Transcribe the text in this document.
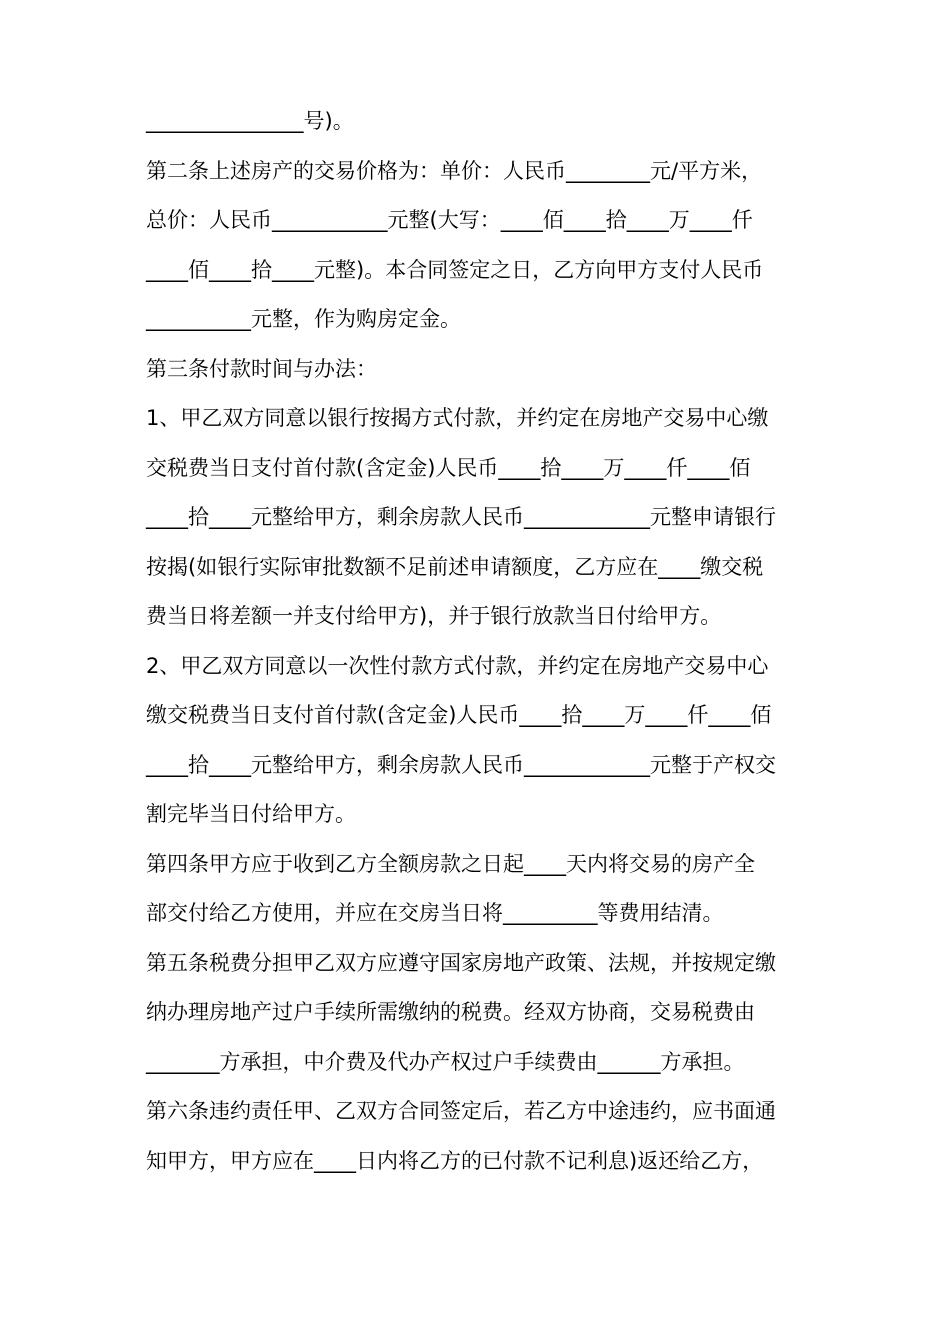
_______________号)。
第二条上述房产的交易价格为：单价：人民币________元/平方米，
总价：人民币___________元整(大写：____佰____拾____万____仟
____佰____拾____元整)。本合同签定之日，乙方向甲方支付人民币
__________元整，作为购房定金。
第三条付款时间与办法：
1、甲乙双方同意以银行按揭方式付款，并约定在房地产交易中心缴
交税费当日支付首付款(含定金)人民币____拾____万____仟____佰
____拾____元整给甲方，剩余房款人民币____________元整申请银行
按揭(如银行实际审批数额不足前述申请额度，乙方应在____缴交税
费当日将差额一并支付给甲方)，并于银行放款当日付给甲方。
2、甲乙双方同意以一次性付款方式付款，并约定在房地产交易中心
缴交税费当日支付首付款(含定金)人民币____拾____万____仟____佰
____拾____元整给甲方，剩余房款人民币____________元整于产权交
割完毕当日付给甲方。
第四条甲方应于收到乙方全额房款之日起____天内将交易的房产全
部交付给乙方使用，并应在交房当日将_________等费用结清。
第五条税费分担甲乙双方应遵守国家房地产政策、法规，并按规定缴
纳办理房地产过户手续所需缴纳的税费。经双方协商，交易税费由
_______方承担，中介费及代办产权过户手续费由______方承担。
第六条违约责任甲、乙双方合同签定后，若乙方中途违约，应书面通
知甲方，甲方应在____日内将乙方的已付款不记利息)返还给乙方，
